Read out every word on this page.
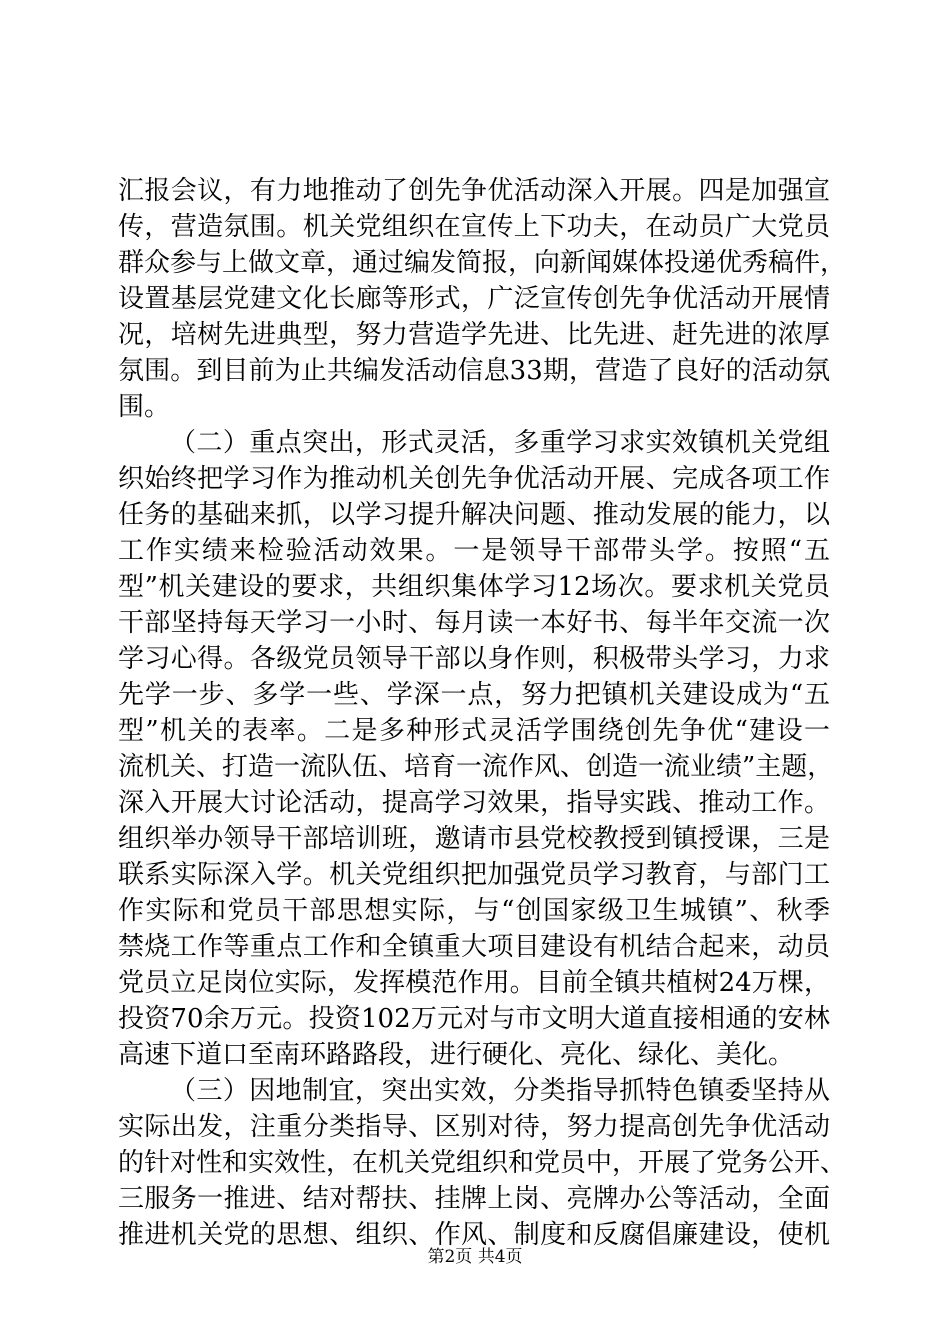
汇报会议，有力地推动了创先争优活动深入开展。四是加强宣
传，营造氛围。机关党组织在宣传上下功夫，在动员广大党员
群众参与上做文章，通过编发简报，向新闻媒体投递优秀稿件，
设置基层党建文化长廊等形式，广泛宣传创先争优活动开展情
况，培树先进典型，努力营造学先进、比先进、赶先进的浓厚
氛围。到目前为止共编发活动信息33期，营造了良好的活动氛
围。
（二）重点突出，形式灵活，多重学习求实效镇机关党组
织始终把学习作为推动机关创先争优活动开展、完成各项工作
任务的基础来抓，以学习提升解决问题、推动发展的能力，以
工作实绩来检验活动效果。一是领导干部带头学。按照“五
型”机关建设的要求，共组织集体学习12场次。要求机关党员
干部坚持每天学习一小时、每月读一本好书、每半年交流一次
学习心得。各级党员领导干部以身作则，积极带头学习，力求
先学一步、多学一些、学深一点，努力把镇机关建设成为“五
型”机关的表率。二是多种形式灵活学围绕创先争优“建设一
流机关、打造一流队伍、培育一流作风、创造一流业绩”主题，
深入开展大讨论活动，提高学习效果，指导实践、推动工作。
组织举办领导干部培训班，邀请市县党校教授到镇授课，三是
联系实际深入学。机关党组织把加强党员学习教育，与部门工
作实际和党员干部思想实际，与“创国家级卫生城镇”、秋季
禁烧工作等重点工作和全镇重大项目建设有机结合起来，动员
党员立足岗位实际，发挥模范作用。目前全镇共植树24万棵，
投资70余万元。投资102万元对与市文明大道直接相通的安林
高速下道口至南环路路段，进行硬化、亮化、绿化、美化。
（三）因地制宜，突出实效，分类指导抓特色镇委坚持从
实际出发，注重分类指导、区别对待，努力提高创先争优活动
的针对性和实效性，在机关党组织和党员中，开展了党务公开、
三服务一推进、结对帮扶、挂牌上岗、亮牌办公等活动，全面
推进机关党的思想、组织、作风、制度和反腐倡廉建设，使机
第2页 共4页
